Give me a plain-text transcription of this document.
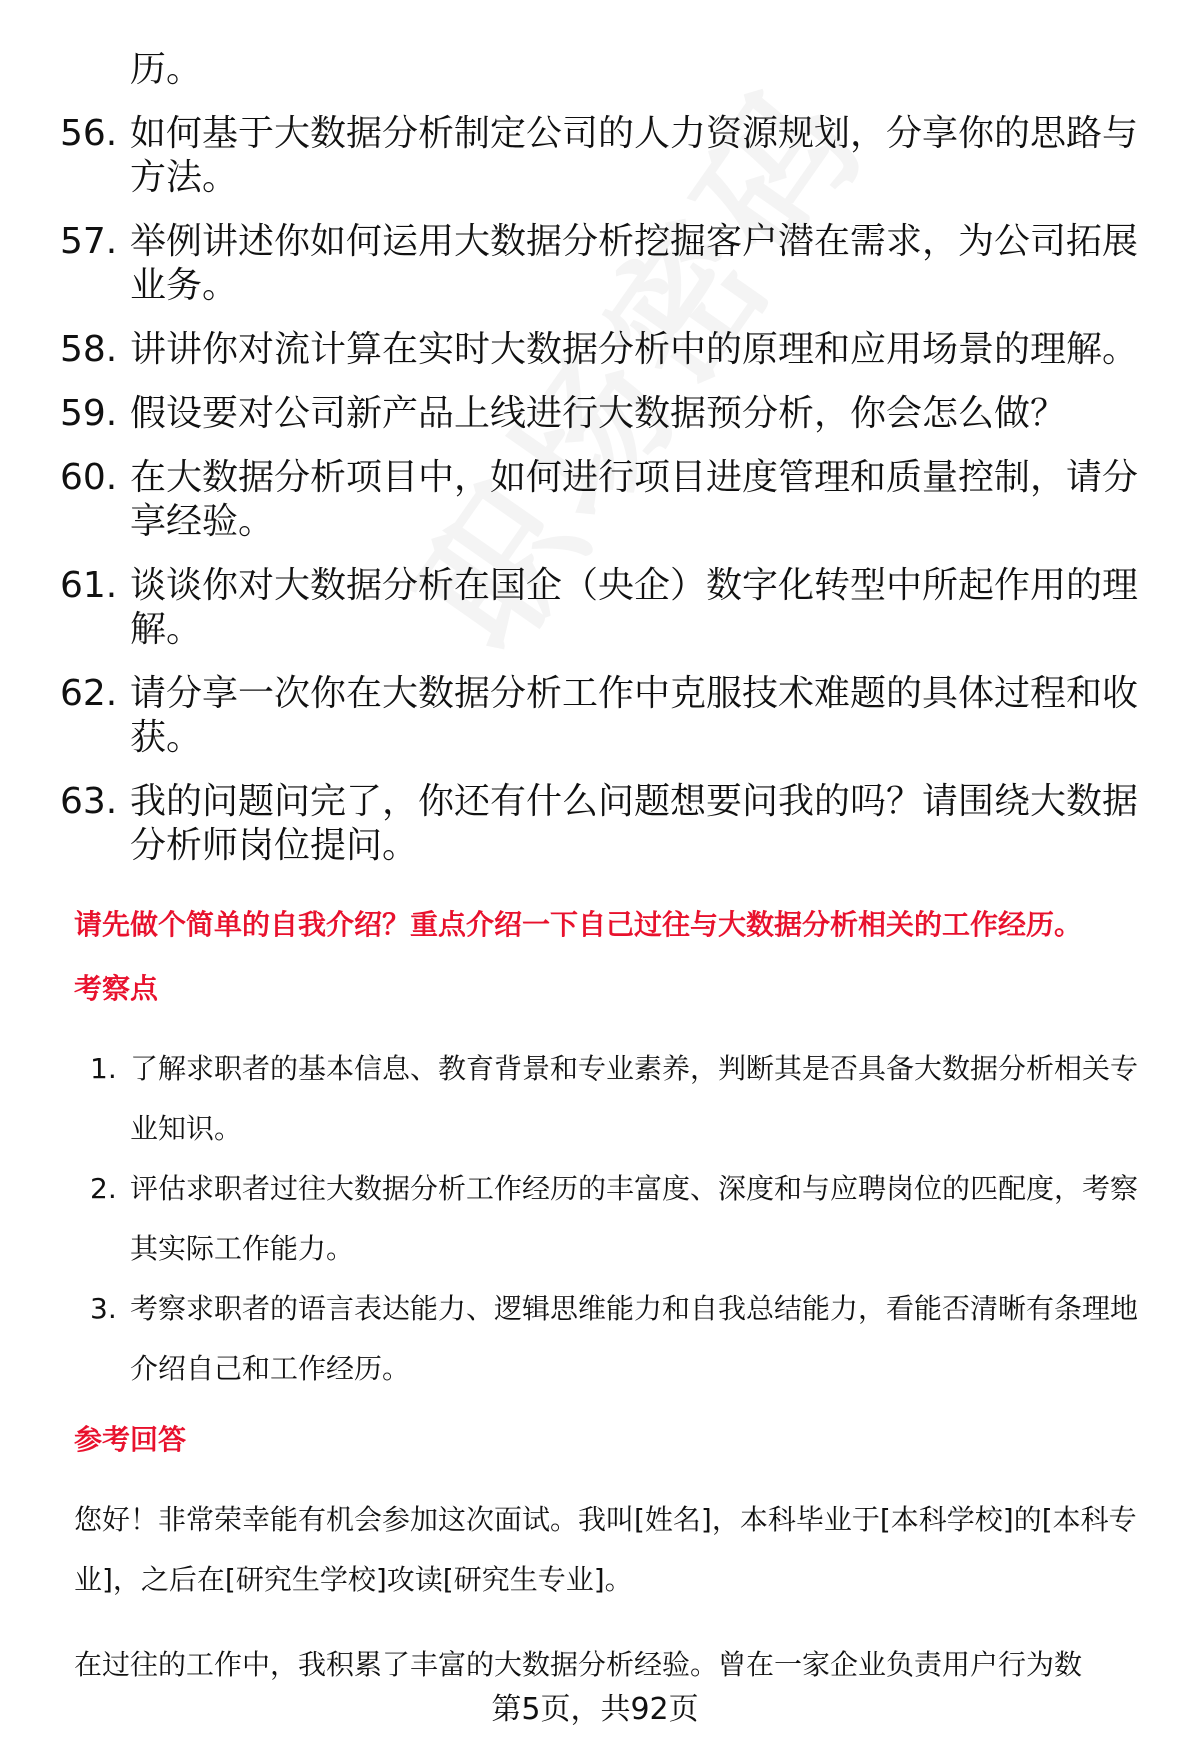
历。

56. 如何基于大数据分析制定公司的人力资源规划，分享你的思路与方法。
57. 举例讲述你如何运用大数据分析挖掘客户潜在需求，为公司拓展业务。
58. 讲讲你对流计算在实时大数据分析中的原理和应用场景的理解。
59. 假设要对公司新产品上线进行大数据预分析，你会怎么做？
60. 在大数据分析项目中，如何进行项目进度管理和质量控制，请分享经验。
61. 谈谈你对大数据分析在国企（央企）数字化转型中所起作用的理解。
62. 请分享一次你在大数据分析工作中克服技术难题的具体过程和收获。
63. 我的问题问完了，你还有什么问题想要问我的吗？请围绕大数据分析师岗位提问。
请先做个简单的自我介绍？重点介绍一下自己过往与大数据分析相关的工作经历。
考察点
1. 了解求职者的基本信息、教育背景和专业素养，判断其是否具备大数据分析相关专业知识。
2. 评估求职者过往大数据分析工作经历的丰富度、深度和与应聘岗位的匹配度，考察其实际工作能力。
3. 考察求职者的语言表达能力、逻辑思维能力和自我总结能力，看能否清晰有条理地介绍自己和工作经历。
参考回答

您好！非常荣幸能有机会参加这次面试。我叫[姓名]，本科毕业于[本科学校]的[本科专业]，之后在[研究生学校]攻读[研究生专业]。

在过往的工作中，我积累了丰富的大数据分析经验。曾在一家企业负责用户行为数

第5页，共92页
